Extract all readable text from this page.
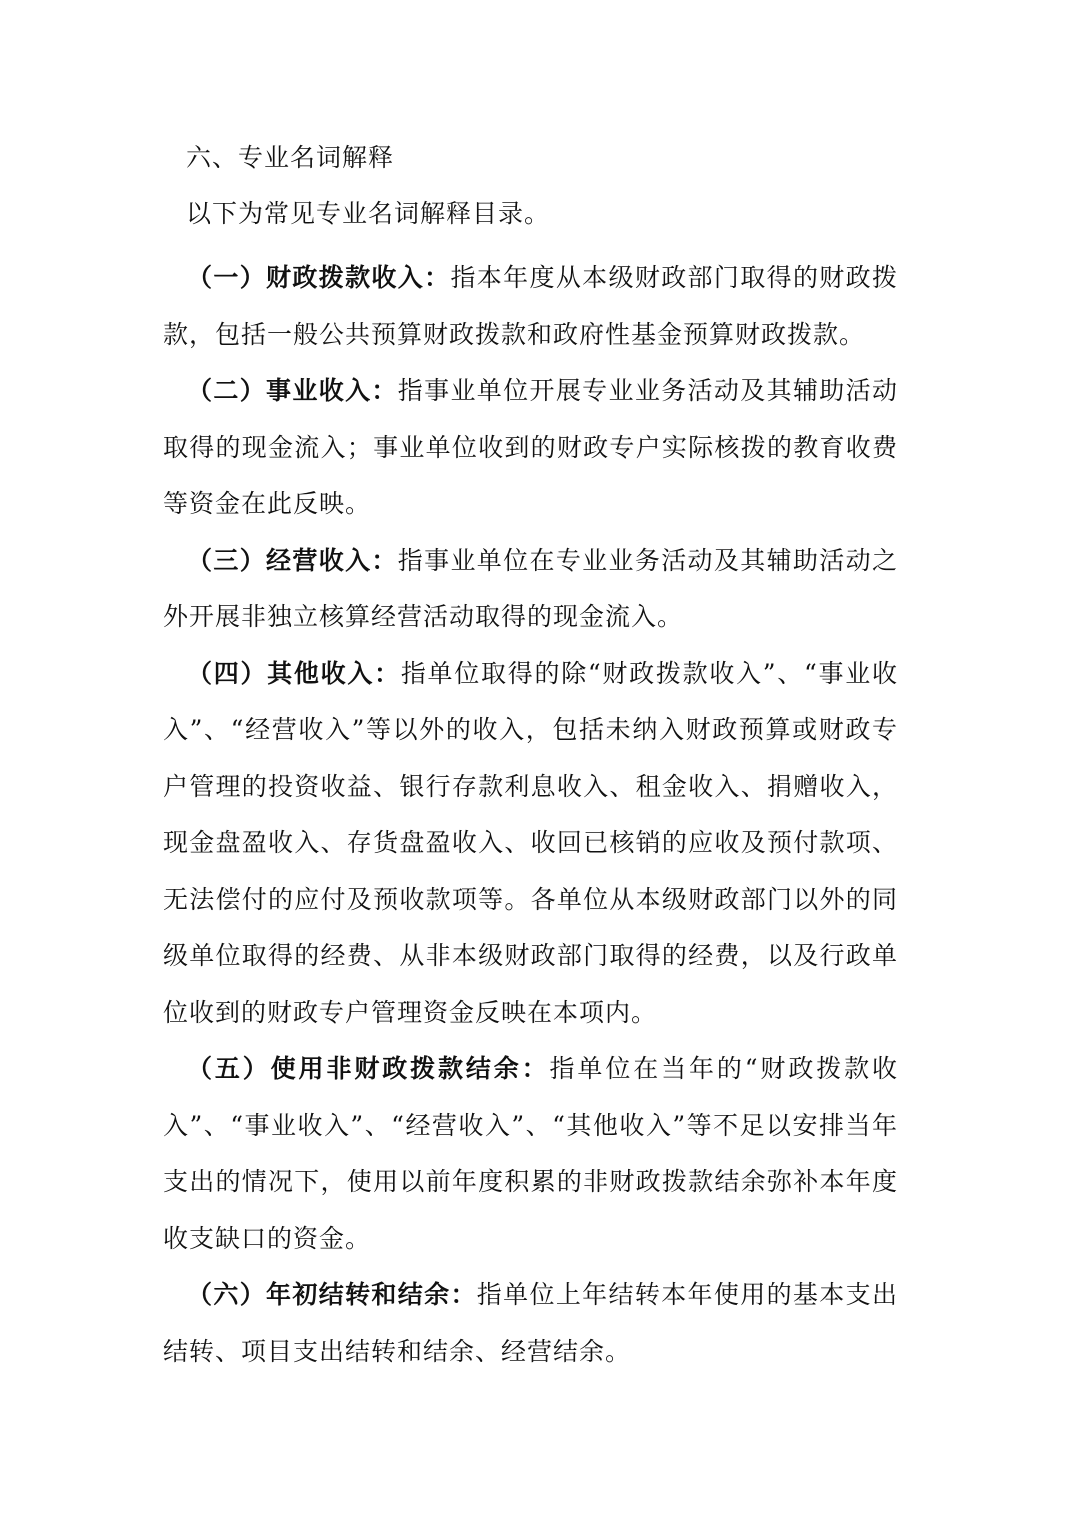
六、专业名词解释
以下为常见专业名词解释目录。

（一）财政拨款收入：指本年度从本级财政部门取得的财政拨款，包括一般公共预算财政拨款和政府性基金预算财政拨款。

（二）事业收入：指事业单位开展专业业务活动及其辅助活动取得的现金流入；事业单位收到的财政专户实际核拨的教育收费等资金在此反映。

（三）经营收入：指事业单位在专业业务活动及其辅助活动之外开展非独立核算经营活动取得的现金流入。

（四）其他收入：指单位取得的除“财政拨款收入”、“事业收入”、“经营收入”等以外的收入，包括未纳入财政预算或财政专户管理的投资收益、银行存款利息收入、租金收入、捐赠收入，现金盘盈收入、存货盘盈收入、收回已核销的应收及预付款项、无法偿付的应付及预收款项等。各单位从本级财政部门以外的同级单位取得的经费、从非本级财政部门取得的经费，以及行政单位收到的财政专户管理资金反映在本项内。

（五）使用非财政拨款结余：指单位在当年的“财政拨款收入”、“事业收入”、“经营收入”、“其他收入”等不足以安排当年支出的情况下，使用以前年度积累的非财政拨款结余弥补本年度收支缺口的资金。

（六）年初结转和结余：指单位上年结转本年使用的基本支出结转、项目支出结转和结余、经营结余。
